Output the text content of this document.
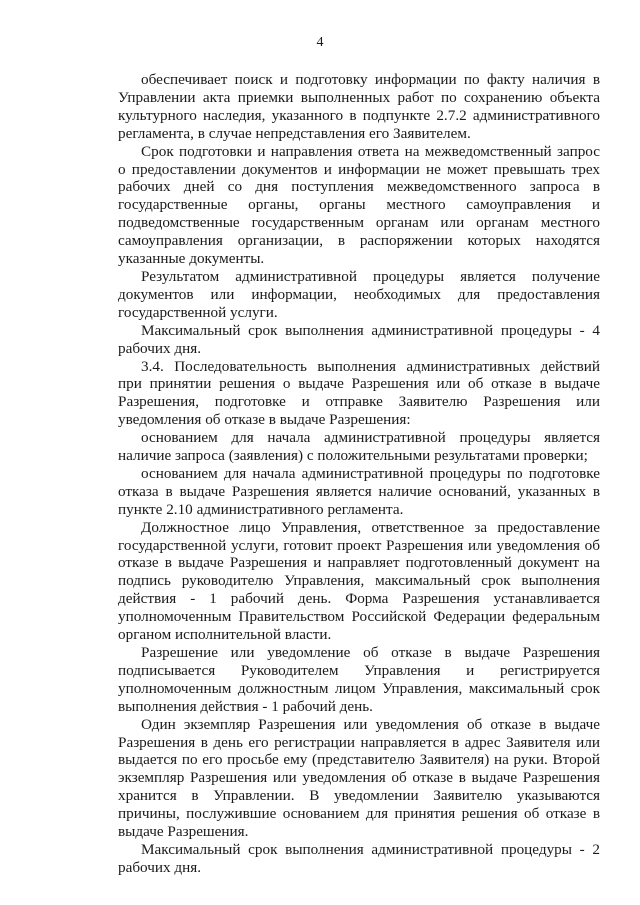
4

обеспечивает поиск и подготовку информации по факту наличия в Управлении акта приемки выполненных работ по сохранению объекта культурного наследия, указанного в подпункте 2.7.2 административного регламента, в случае непредставления его Заявителем.

Срок подготовки и направления ответа на межведомственный запрос о предоставлении документов и информации не может превышать трех рабочих дней со дня поступления межведомственного запроса в государственные органы, органы местного самоуправления и подведомственные государственным органам или органам местного самоуправления организации, в распоряжении которых находятся указанные документы.

Результатом административной процедуры является получение документов или информации, необходимых для предоставления государственной услуги.

Максимальный срок выполнения административной процедуры - 4 рабочих дня.

3.4. Последовательность выполнения административных действий при принятии решения о выдаче Разрешения или об отказе в выдаче Разрешения, подготовке и отправке Заявителю Разрешения или уведомления об отказе в выдаче Разрешения:

основанием для начала административной процедуры является наличие запроса (заявления) с положительными результатами проверки;

основанием для начала административной процедуры по подготовке отказа в выдаче Разрешения является наличие оснований, указанных в пункте 2.10 административного регламента.

Должностное лицо Управления, ответственное за предоставление государственной услуги, готовит проект Разрешения или уведомления об отказе в выдаче Разрешения и направляет подготовленный документ на подпись руководителю Управления, максимальный срок выполнения действия - 1 рабочий день. Форма Разрешения устанавливается уполномоченным Правительством Российской Федерации федеральным органом исполнительной власти.

Разрешение или уведомление об отказе в выдаче Разрешения подписывается Руководителем Управления и регистрируется уполномоченным должностным лицом Управления, максимальный срок выполнения действия - 1 рабочий день.

Один экземпляр Разрешения или уведомления об отказе в выдаче Разрешения в день его регистрации направляется в адрес Заявителя или выдается по его просьбе ему (представителю Заявителя) на руки. Второй экземпляр Разрешения или уведомления об отказе в выдаче Разрешения хранится в Управлении. В уведомлении Заявителю указываются причины, послужившие основанием для принятия решения об отказе в выдаче Разрешения.

Максимальный срок выполнения административной процедуры - 2 рабочих дня.
